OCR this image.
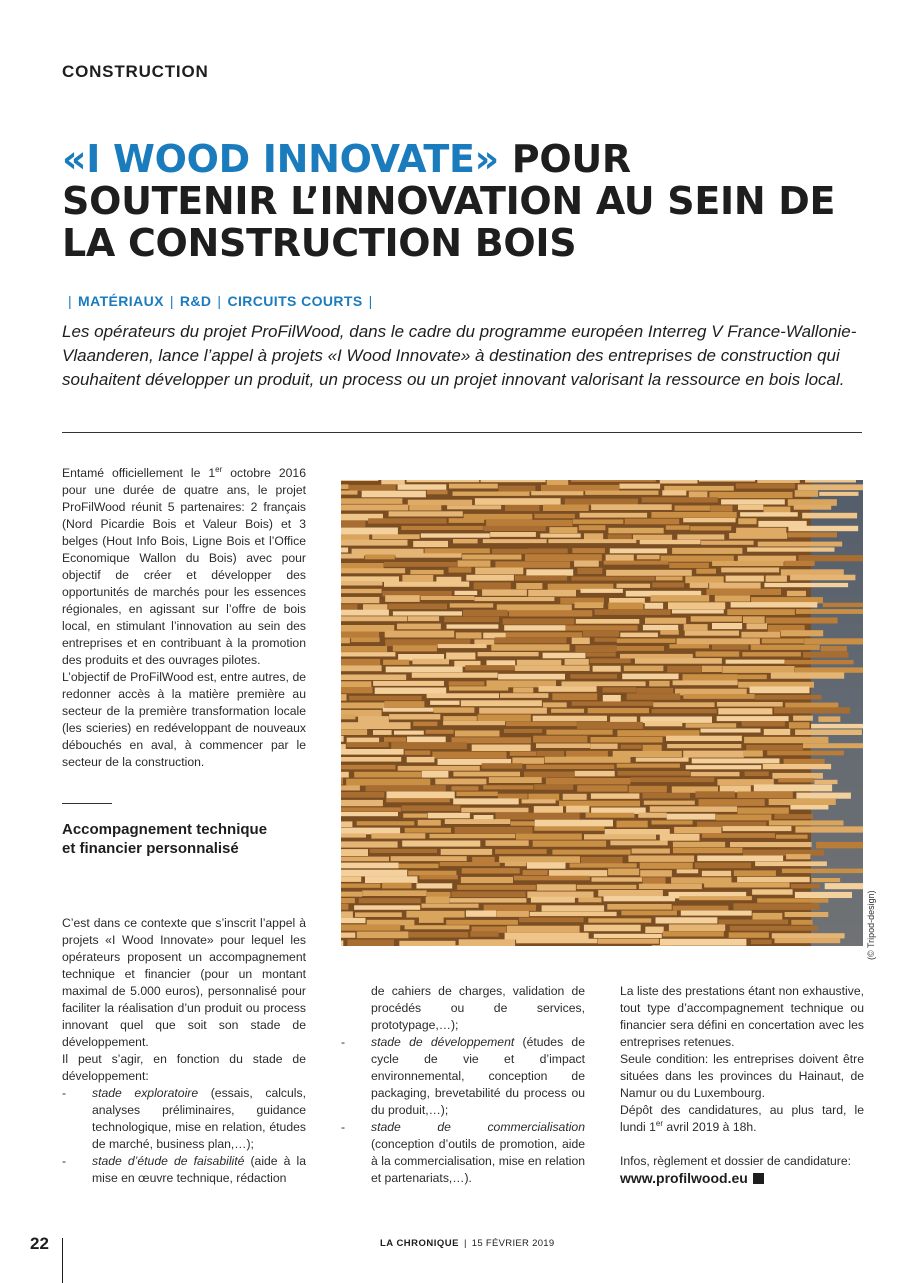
CONSTRUCTION
«I WOOD INNOVATE» POUR
SOUTENIR L’INNOVATION AU SEIN DE
LA CONSTRUCTION BOIS
| MATÉRIAUX | R&D | CIRCUITS COURTS |

Les opérateurs du projet ProFilWood, dans le cadre du programme européen Interreg V France-Wallonie-Vlaanderen, lance l’appel à projets «I Wood Innovate» à destination des entreprises de construction qui souhaitent développer un produit, un process ou un projet innovant valorisant la ressource en bois local.

Entamé officiellement le 1er octobre 2016 pour une durée de quatre ans, le projet ProFilWood réunit 5 partenaires: 2 français (Nord Picardie Bois et Valeur Bois) et 3 belges (Hout Info Bois, Ligne Bois et l’Office Economique Wallon du Bois) avec pour objectif de créer et développer des opportunités de marchés pour les essences régionales, en agissant sur l’offre de bois local, en stimulant l’innovation au sein des entreprises et en contribuant à la promotion des produits et des ouvrages pilotes.

L’objectif de ProFilWood est, entre autres, de redonner accès à la matière première au secteur de la première transformation locale (les scieries) en redéveloppant de nouveaux débouchés en aval, à commencer par le secteur de la construction.

Accompagnement technique et financier personnalisé
(© Tripod-design)

C’est dans ce contexte que s’inscrit l’appel à projets «I Wood Innovate» pour lequel les opérateurs proposent un accompagnement technique et financier (pour un montant maximal de 5.000 euros), personnalisé pour faciliter la réalisation d’un produit ou process innovant quel que soit son stade de développement.

Il peut s’agir, en fonction du stade de développement:

- stade exploratoire (essais, calculs, analyses préliminaires, guidance technologique, mise en relation, études de marché, business plan,…);
- stade d’étude de faisabilité (aide à la mise en œuvre technique, rédaction

de cahiers de charges, validation de procédés ou de services, prototypage,…);

- stade de développement (études de cycle de vie et d’impact environnemental, conception de packaging, brevetabilité du process ou du produit,…);
- stade de commercialisation (conception d’outils de promotion, aide à la commercialisation, mise en relation et partenariats,…).

La liste des prestations étant non exhaustive, tout type d’accompagnement technique ou financier sera défini en concertation avec les entreprises retenues.

Seule condition: les entreprises doivent être situées dans les provinces du Hainaut, de Namur ou du Luxembourg.

Dépôt des candidatures, au plus tard, le lundi 1er avril 2019 à 18h.

Infos, règlement et dossier de candidature:

www.profilwood.eu

22	LA CHRONIQUE | 15 FÉVRIER 2019
